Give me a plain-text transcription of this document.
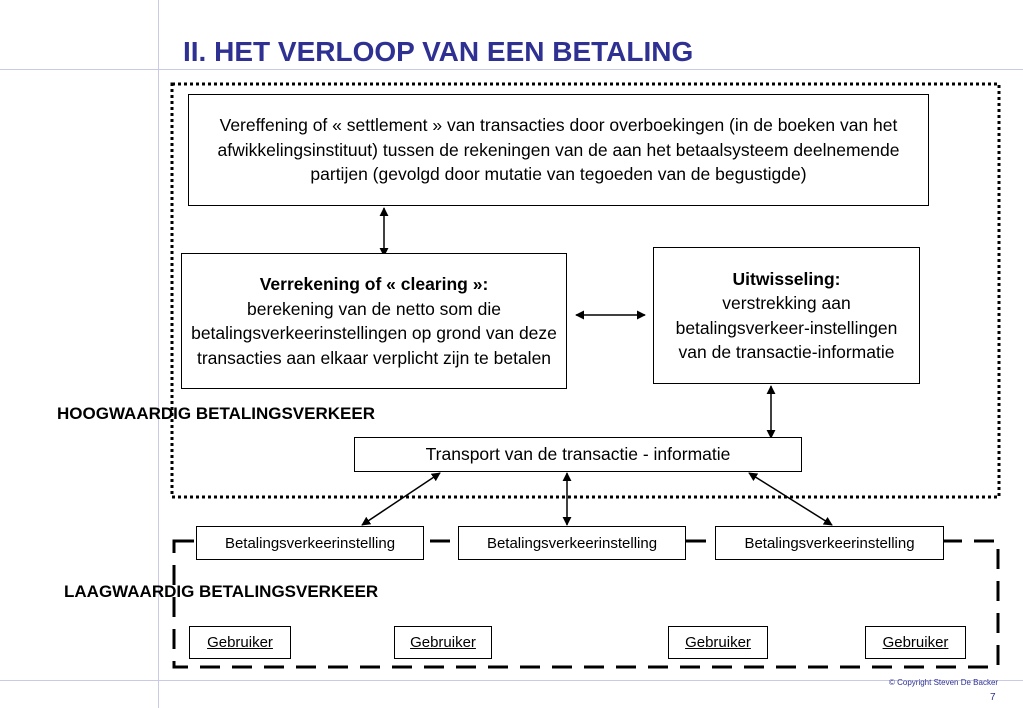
II. HET VERLOOP VAN EEN BETALING
Vereffening of « settlement » van transacties door overboekingen (in de boeken van het afwikkelingsinstituut) tussen de rekeningen van de aan het betaalsysteem deelnemende partijen (gevolgd door mutatie van tegoeden van de begustigde)
Verrekening of « clearing »:
berekening van de netto som die betalingsverkeerinstellingen op grond van deze transacties aan elkaar verplicht zijn te betalen
Uitwisseling:
verstrekking aan betalingsverkeer-instellingen van de transactie-informatie
HOOGWAARDIG BETALINGSVERKEER
LAAGWAARDIG BETALINGSVERKEER
Transport van de transactie - informatie
Betalingsverkeerinstelling	Betalingsverkeerinstelling	Betalingsverkeerinstelling
Gebruiker	Gebruiker	Gebruiker	Gebruiker
© Copyright Steven De Backer
7
